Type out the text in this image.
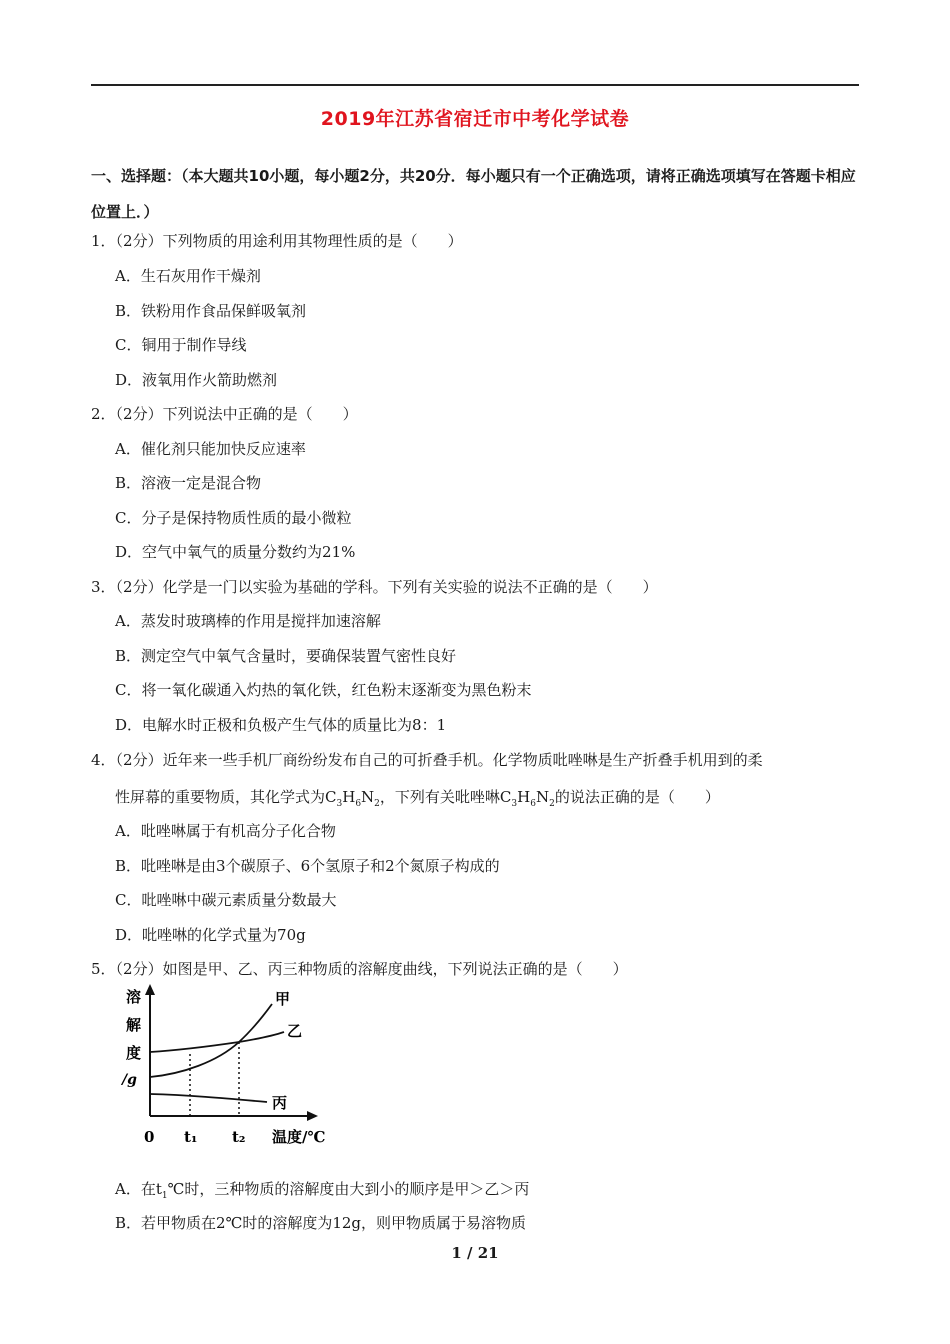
2019年江苏省宿迁市中考化学试卷
一、选择题：（本大题共10小题，每小题2分，共20分．每小题只有一个正确选项，请将正确选项填写在答题卡相应位置上．）
1．（2分）下列物质的用途利用其物理性质的是（　　）
A．生石灰用作干燥剂
B．铁粉用作食品保鲜吸氧剂
C．铜用于制作导线
D．液氧用作火箭助燃剂
2．（2分）下列说法中正确的是（　　）
A．催化剂只能加快反应速率
B．溶液一定是混合物
C．分子是保持物质性质的最小微粒
D．空气中氧气的质量分数约为21%
3．（2分）化学是一门以实验为基础的学科。下列有关实验的说法不正确的是（　　）
A．蒸发时玻璃棒的作用是搅拌加速溶解
B．测定空气中氧气含量时，要确保装置气密性良好
C．将一氧化碳通入灼热的氧化铁，红色粉末逐渐变为黑色粉末
D．电解水时正极和负极产生气体的质量比为8：1
4．（2分）近年来一些手机厂商纷纷发布自己的可折叠手机。化学物质吡唑啉是生产折叠手机用到的柔
性屏幕的重要物质，其化学式为$C_3H_6N_2$，下列有关吡唑啉$C_3H_6N_2$的说法正确的是（　　）
A．吡唑啉属于有机高分子化合物
B．吡唑啉是由3个碳原子、6个氢原子和2个氮原子构成的
C．吡唑啉中碳元素质量分数最大
D．吡唑啉的化学式量为70g
5．（2分）如图是甲、乙、丙三种物质的溶解度曲线，下列说法正确的是（　　）
溶
解
度
/g
甲
乙
丙
0 t₁ t₂ 温度/℃
A．在$t_1℃$时，三种物质的溶解度由大到小的顺序是甲＞乙＞丙
B．若甲物质在2℃时的溶解度为12g，则甲物质属于易溶物质
1 / 21
